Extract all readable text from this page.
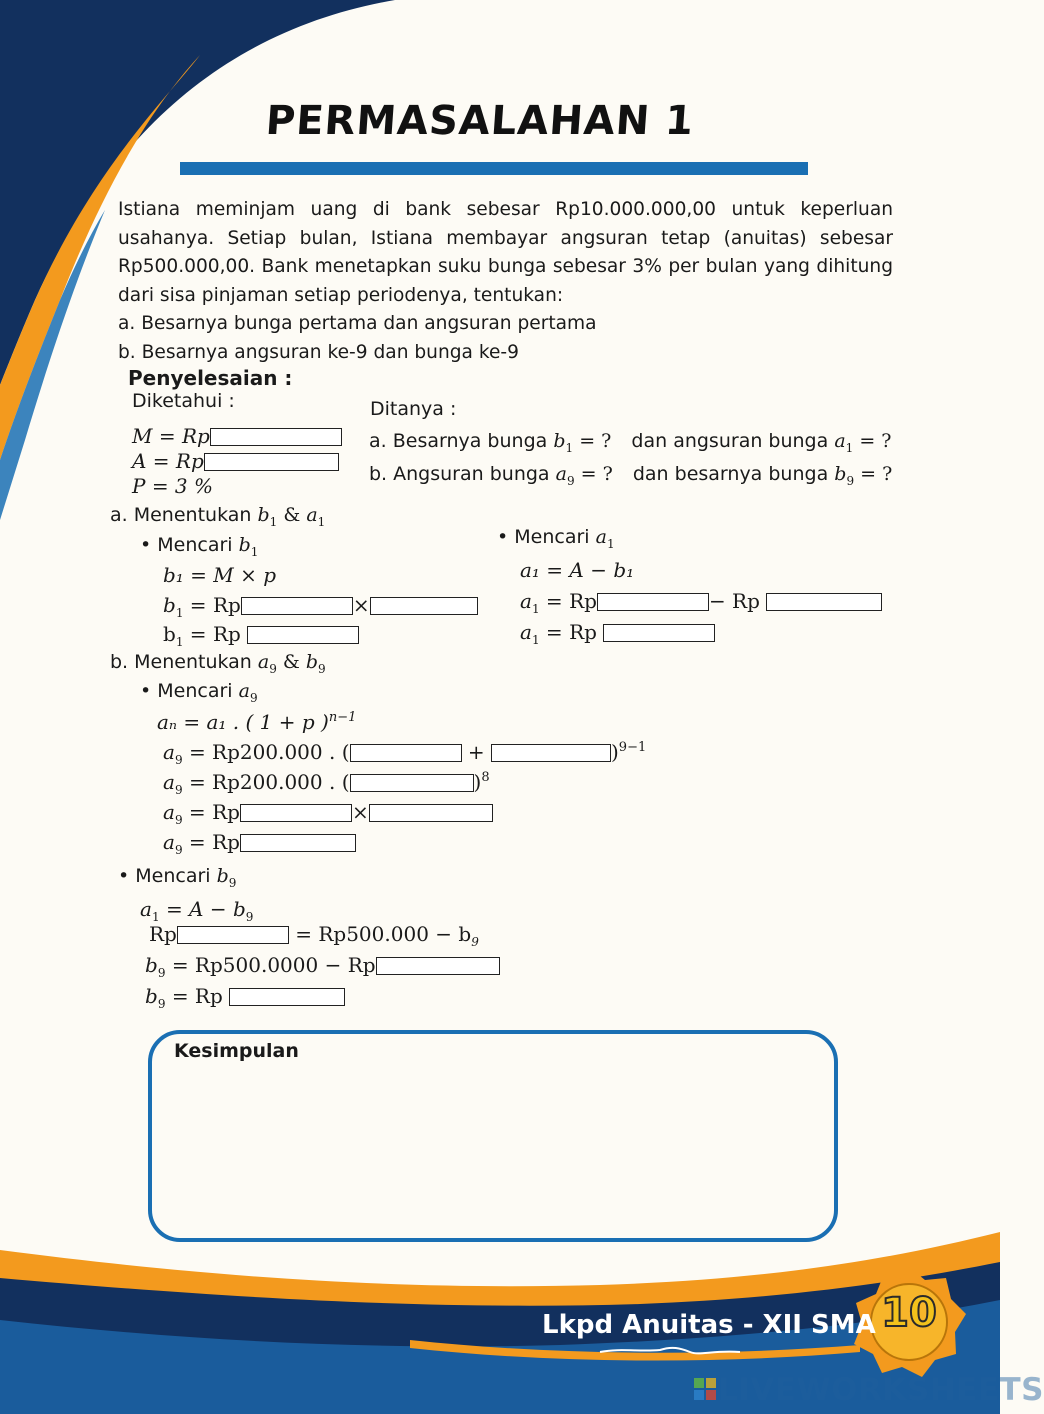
PERMASALAHAN 1
Istiana meminjam uang di bank sebesar Rp10.000.000,00 untuk keperluan
usahanya. Setiap bulan, Istiana membayar angsuran tetap (anuitas) sebesar
Rp500.000,00. Bank menetapkan suku bunga sebesar 3% per bulan yang dihitung
dari sisa pinjaman setiap periodenya, tentukan:
a. Besarnya bunga pertama dan angsuran pertama
b. Besarnya angsuran ke-9 dan bunga ke-9
Penyelesaian :
Diketahui :	Ditanya :
M = Rp
A = Rp
P = 3 %
a. Besarnya bunga $b_1$ = ? dan angsuran bunga $a_1$ = ?
b. Angsuran bunga $a_9$ = ? dan besarnya bunga $b_9$ = ?
a. Menentukan $b_1$ & $a_1$
• Mencari $b_1$
b₁ = M × p
$b_1 = Rp$	×
$b_1 = Rp$
• Mencari $a_1$
a₁ = A − b₁
$a_1 = Rp$	− Rp
$a_1 = Rp$
b. Menentukan $a_9$ & $b_9$
• Mencari $a_9$
aₙ = a₁ . ( 1 + p )$^{n-1}$
$a_9 = Rp200.000$ . (	+	)$^{9-1}$
$a_9 = Rp200.000$ . (	)$^8$
$a_9 = Rp$	×
$a_9 = Rp$
• Mencari $b_9$
$a_1 = A - b_9$
Rp	= $Rp500.000 - b_9$
$b_9 = Rp500.0000 - Rp$
$b_9 = Rp$
Kesimpulan
Lkpd Anuitas - XII SMA 10
LIVEWORKSHEETS
